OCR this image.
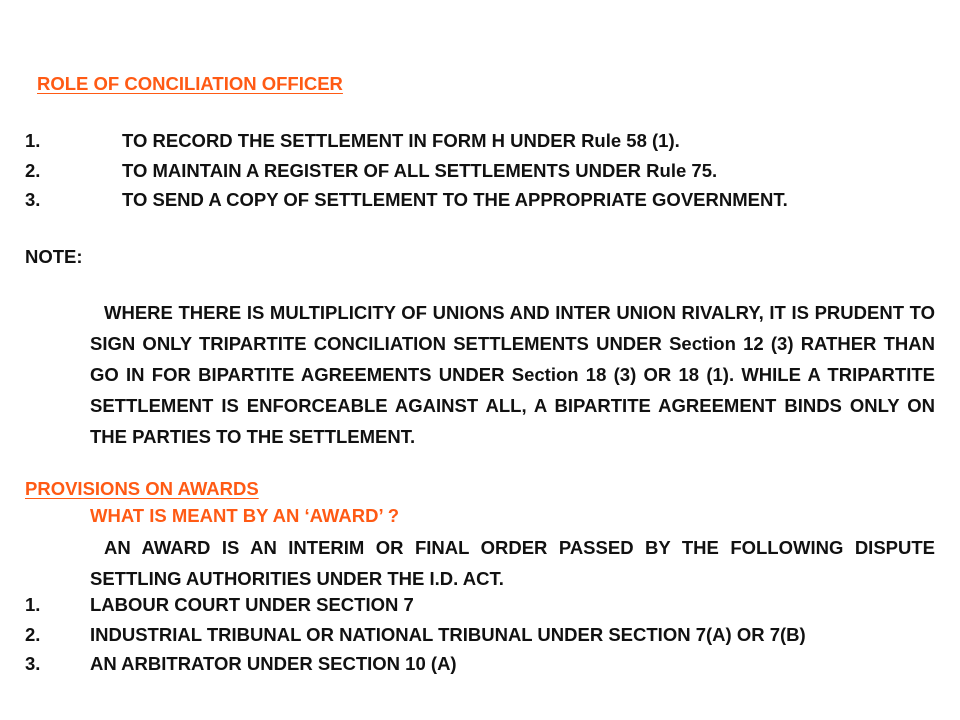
ROLE OF CONCILIATION OFFICER
1.	TO RECORD THE SETTLEMENT IN FORM H UNDER Rule 58 (1).
2.	TO MAINTAIN A REGISTER OF ALL SETTLEMENTS UNDER Rule 75.
3.	TO SEND A COPY OF SETTLEMENT TO THE APPROPRIATE GOVERNMENT.
NOTE:
WHERE THERE IS MULTIPLICITY OF UNIONS AND INTER UNION RIVALRY, IT IS PRUDENT TO SIGN ONLY TRIPARTITE CONCILIATION SETTLEMENTS UNDER Section 12 (3) RATHER THAN GO IN FOR BIPARTITE AGREEMENTS UNDER Section 18 (3) OR 18 (1). WHILE A TRIPARTITE SETTLEMENT IS ENFORCEABLE AGAINST ALL, A BIPARTITE AGREEMENT BINDS ONLY ON THE PARTIES TO THE SETTLEMENT.
PROVISIONS ON AWARDS
WHAT IS MEANT BY AN ‘AWARD’ ?
AN AWARD IS AN INTERIM OR FINAL ORDER PASSED BY THE FOLLOWING DISPUTE SETTLING AUTHORITIES UNDER THE I.D. ACT.
1.	LABOUR COURT UNDER SECTION 7
2.	INDUSTRIAL TRIBUNAL OR NATIONAL TRIBUNAL UNDER SECTION 7(A) OR 7(B)
3.	AN ARBITRATOR UNDER SECTION 10 (A)
